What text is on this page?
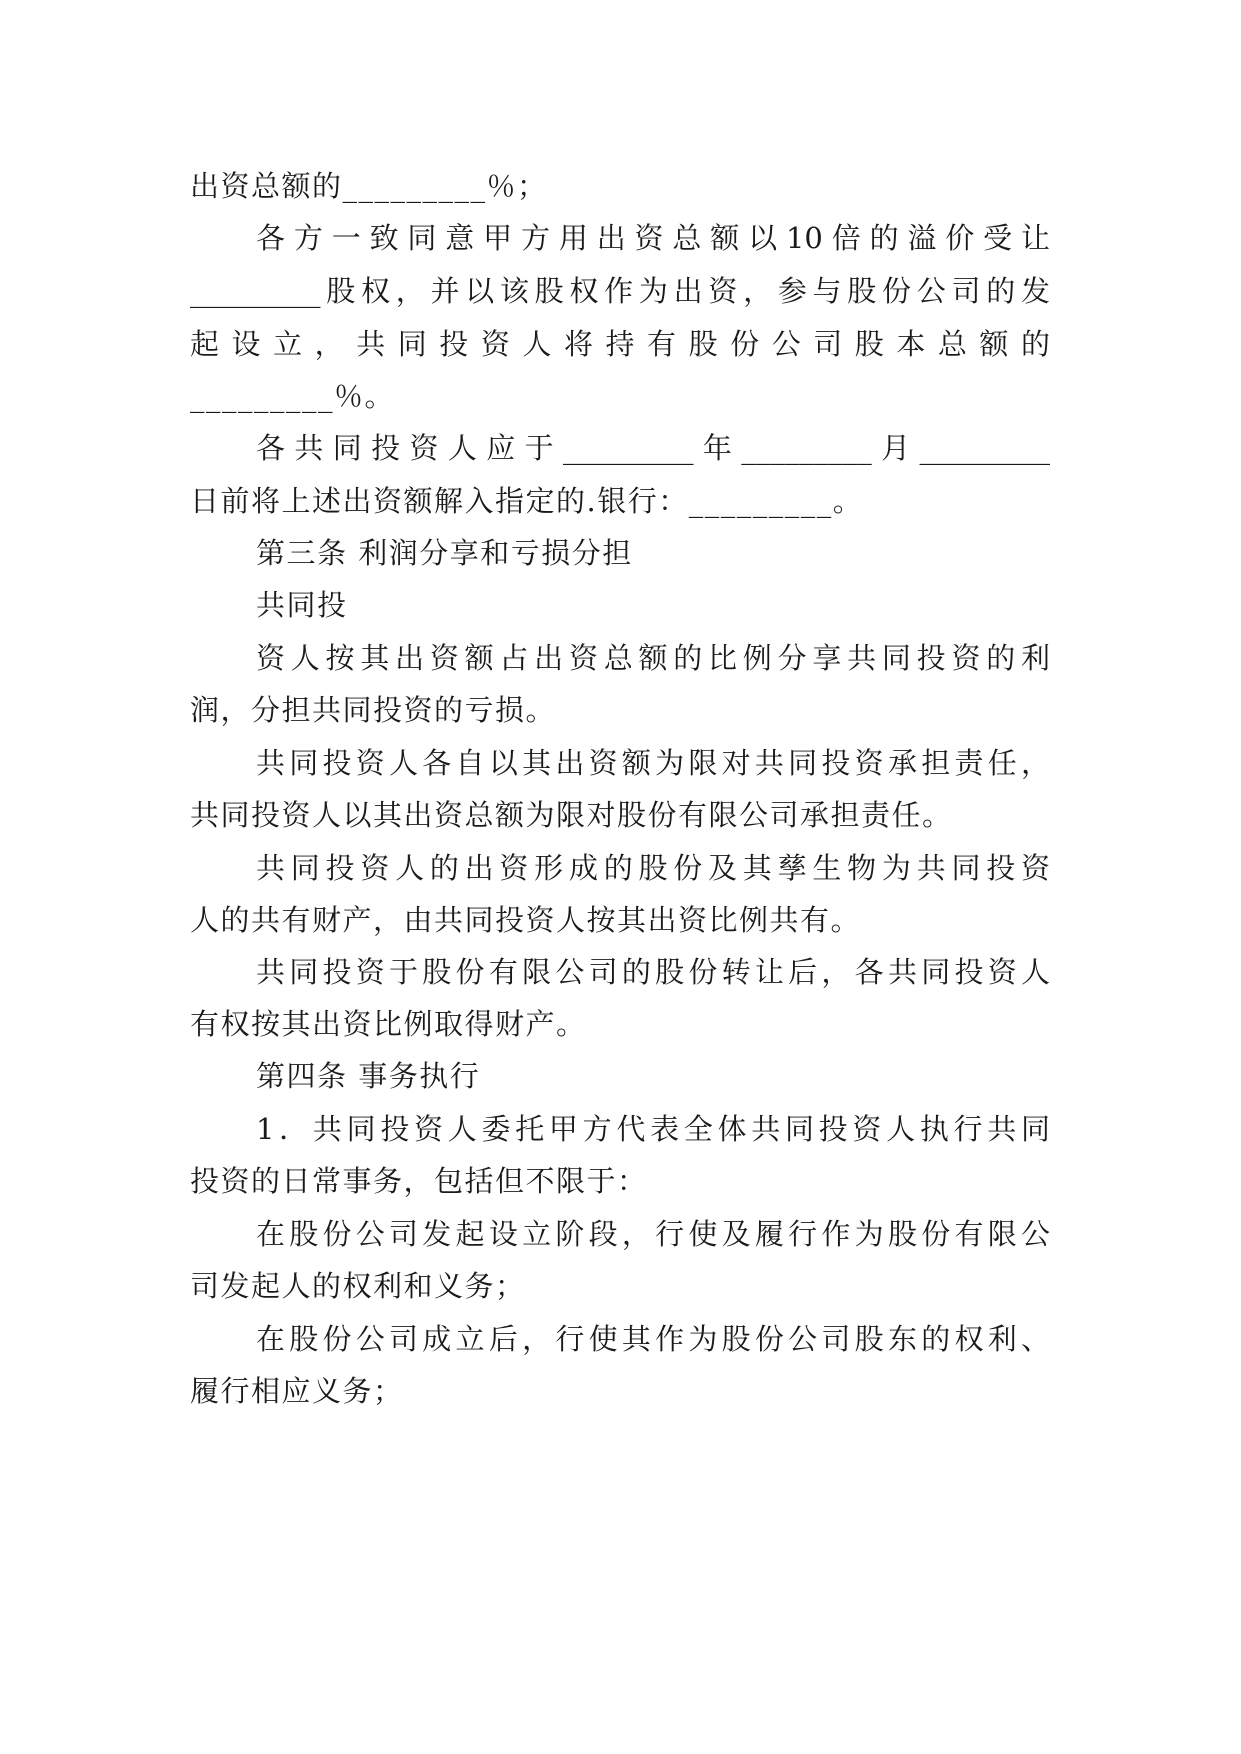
出资总额的_________％；
各方一致同意甲方用出资总额以10倍的溢价受让
_________股权，并以该股权作为出资，参与股份公司的发
起设立，共同投资人将持有股份公司股本总额的
_________％。
各共同投资人应于_________年_________月_________
日前将上述出资额解入指定的.银行：_________。
第三条 利润分享和亏损分担
共同投
资人按其出资额占出资总额的比例分享共同投资的利
润，分担共同投资的亏损。
共同投资人各自以其出资额为限对共同投资承担责任，
共同投资人以其出资总额为限对股份有限公司承担责任。
共同投资人的出资形成的股份及其孳生物为共同投资
人的共有财产，由共同投资人按其出资比例共有。
共同投资于股份有限公司的股份转让后，各共同投资人
有权按其出资比例取得财产。
第四条 事务执行
1．共同投资人委托甲方代表全体共同投资人执行共同
投资的日常事务，包括但不限于：
在股份公司发起设立阶段，行使及履行作为股份有限公
司发起人的权利和义务；
在股份公司成立后，行使其作为股份公司股东的权利、
履行相应义务；
